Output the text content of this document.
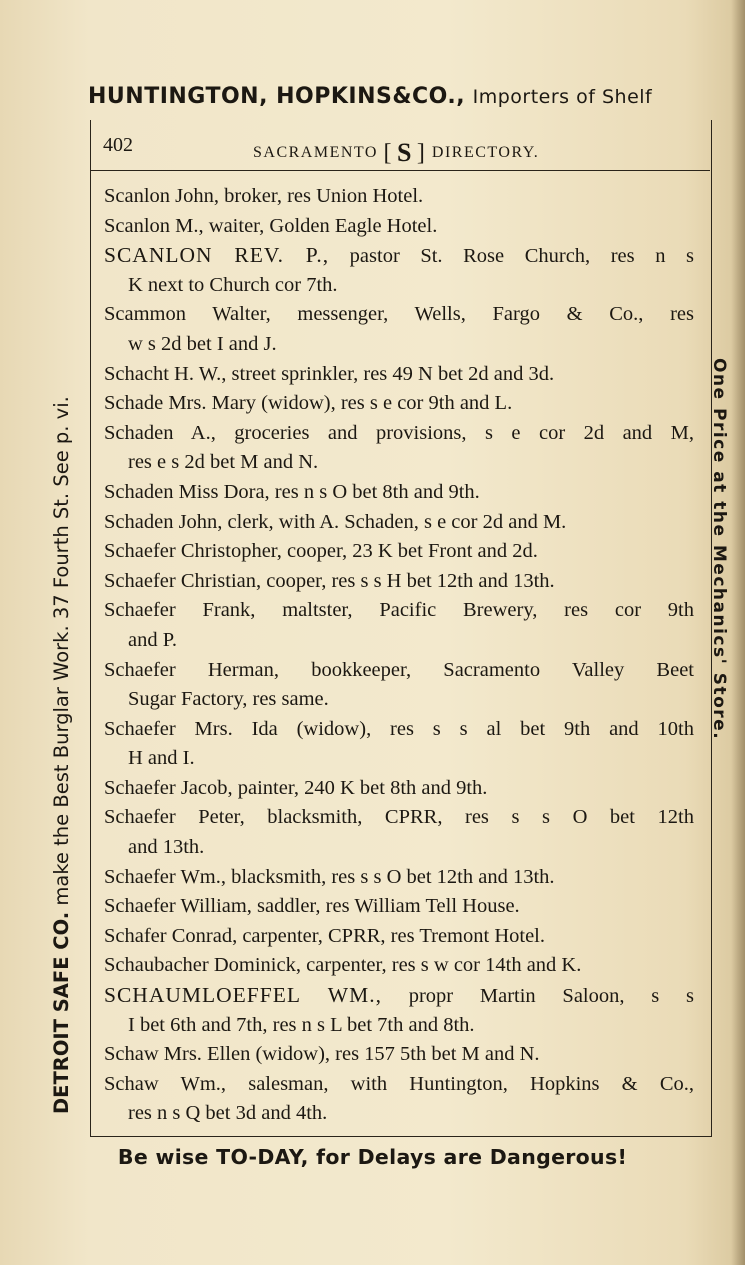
HUNTINGTON, HOPKINS&CO., Importers of Shelf
402	SACRAMENTO [ S ] DIRECTORY.
Scanlon John, broker, res Union Hotel.
Scanlon M., waiter, Golden Eagle Hotel.
SCANLON REV. P., pastor St. Rose Church, res n s
K next to Church cor 7th.
Scammon Walter, messenger, Wells, Fargo & Co., res
w s 2d bet I and J.
Schacht H. W., street sprinkler, res 49 N bet 2d and 3d.
Schade Mrs. Mary (widow), res s e cor 9th and L.
Schaden A., groceries and provisions, s e cor 2d and M,
res e s 2d bet M and N.
Schaden Miss Dora, res n s O bet 8th and 9th.
Schaden John, clerk, with A. Schaden, s e cor 2d and M.
Schaefer Christopher, cooper, 23 K bet Front and 2d.
Schaefer Christian, cooper, res s s H bet 12th and 13th.
Schaefer Frank, maltster, Pacific Brewery, res cor 9th
and P.
Schaefer Herman, bookkeeper, Sacramento Valley Beet
Sugar Factory, res same.
Schaefer Mrs. Ida (widow), res s s al bet 9th and 10th
H and I.
Schaefer Jacob, painter, 240 K bet 8th and 9th.
Schaefer Peter, blacksmith, CPRR, res s s O bet 12th
and 13th.
Schaefer Wm., blacksmith, res s s O bet 12th and 13th.
Schaefer William, saddler, res William Tell House.
Schafer Conrad, carpenter, CPRR, res Tremont Hotel.
Schaubacher Dominick, carpenter, res s w cor 14th and K.
SCHAUMLOEFFEL WM., propr Martin Saloon, s s
I bet 6th and 7th, res n s L bet 7th and 8th.
Schaw Mrs. Ellen (widow), res 157 5th bet M and N.
Schaw Wm., salesman, with Huntington, Hopkins & Co.,
res n s Q bet 3d and 4th.
Be wise TO-DAY, for Delays are Dangerous!
DETROIT SAFE CO. make the Best Burglar Work. 37 Fourth St. See p. vi.	One Price at the Mechanics' Store.
